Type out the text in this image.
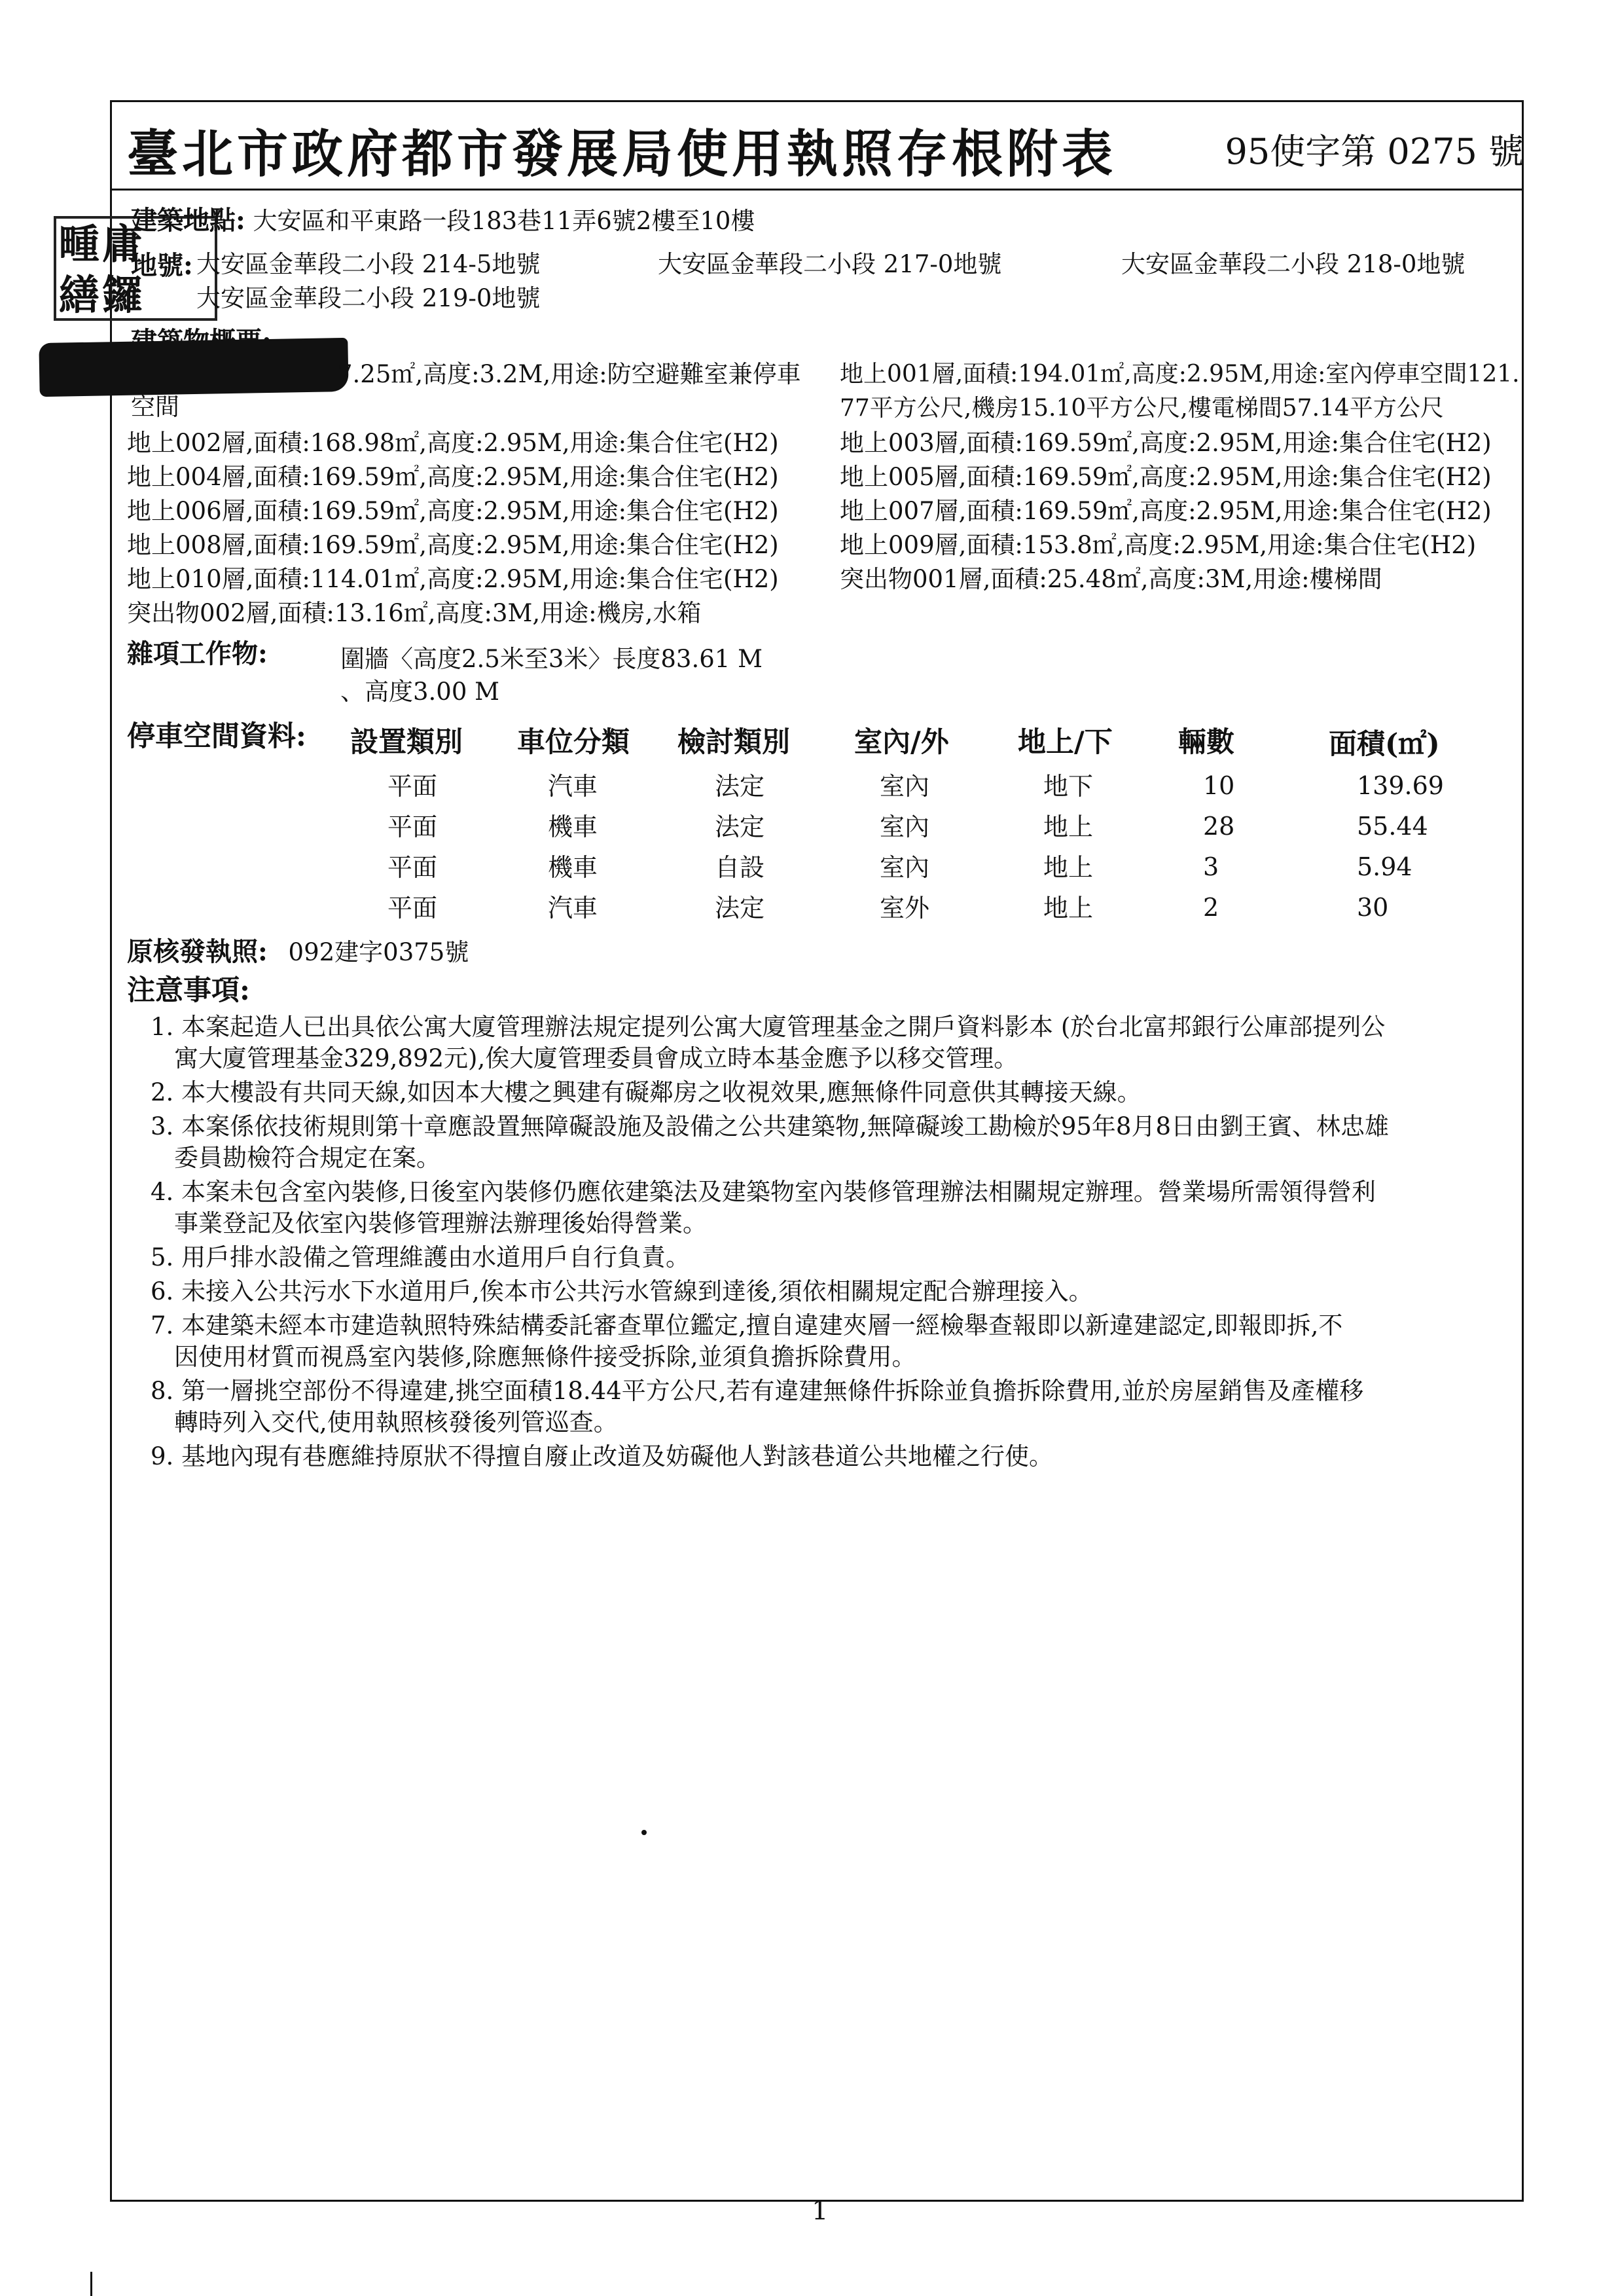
臺北市政府都市發展局使用執照存根附表	95使字第 0275 號
畽庸
繕鑼
建築地點: 大安區和平東路一段183巷11弄6號2樓至10樓
地號: 大安區金華段二小段 214-5地號	大安區金華段二小段 217-0地號	大安區金華段二小段 218-0地號
大安區金華段二小段 219-0地號
7.25㎡,高度:3.2M,用途:防空避難室兼停車
空間
地上002層,面積:168.98㎡,高度:2.95M,用途:集合住宅(H2)
地上004層,面積:169.59㎡,高度:2.95M,用途:集合住宅(H2)
地上006層,面積:169.59㎡,高度:2.95M,用途:集合住宅(H2)
地上008層,面積:169.59㎡,高度:2.95M,用途:集合住宅(H2)
地上010層,面積:114.01㎡,高度:2.95M,用途:集合住宅(H2)
突出物002層,面積:13.16㎡,高度:3M,用途:機房,水箱
地上001層,面積:194.01㎡,高度:2.95M,用途:室內停車空間121.
77平方公尺,機房15.10平方公尺,樓電梯間57.14平方公尺
地上003層,面積:169.59㎡,高度:2.95M,用途:集合住宅(H2)
地上005層,面積:169.59㎡,高度:2.95M,用途:集合住宅(H2)
地上007層,面積:169.59㎡,高度:2.95M,用途:集合住宅(H2)
地上009層,面積:153.8㎡,高度:2.95M,用途:集合住宅(H2)
突出物001層,面積:25.48㎡,高度:3M,用途:樓梯間
雜項工作物:	圍牆〈高度2.5米至3米〉長度83.61 M
、高度3.00 M
停車空間資料: 設置類別 車位分類 檢討類別 室內/外 地上/下 輛數	面積(㎡)
平面	汽車	法定	室內	地下	10	139.69
平面	機車	法定	室內	地上	28	55.44
平面	機車	自設	室內	地上	3	5.94
平面	汽車	法定	室外	地上	2	30
原核發執照: 092建字0375號
注意事項:
1. 本案起造人已出具依公寓大廈管理辦法規定提列公寓大廈管理基金之開戶資料影本 (於台北富邦銀行公庫部提列公
寓大廈管理基金329,892元),俟大廈管理委員會成立時本基金應予以移交管理。
2. 本大樓設有共同天線,如因本大樓之興建有礙鄰房之收視效果,應無條件同意供其轉接天線。
3. 本案係依技術規則第十章應設置無障礙設施及設備之公共建築物,無障礙竣工勘檢於95年8月8日由劉王賓、林忠雄
委員勘檢符合規定在案。
4. 本案未包含室內裝修,日後室內裝修仍應依建築法及建築物室內裝修管理辦法相關規定辦理。營業場所需領得營利
事業登記及依室內裝修管理辦法辦理後始得營業。
5. 用戶排水設備之管理維護由水道用戶自行負責。
6. 未接入公共污水下水道用戶,俟本市公共污水管線到達後,須依相關規定配合辦理接入。
7. 本建築未經本市建造執照特殊結構委託審查單位鑑定,擅自違建夾層一經檢舉查報即以新違建認定,即報即拆,不
因使用材質而視爲室內裝修,除應無條件接受拆除,並須負擔拆除費用。
8. 第一層挑空部份不得違建,挑空面積18.44平方公尺,若有違建無條件拆除並負擔拆除費用,並於房屋銷售及產權移
轉時列入交代,使用執照核發後列管巡查。
9. 基地內現有巷應維持原狀不得擅自廢止改道及妨礙他人對該巷道公共地權之行使。
1
